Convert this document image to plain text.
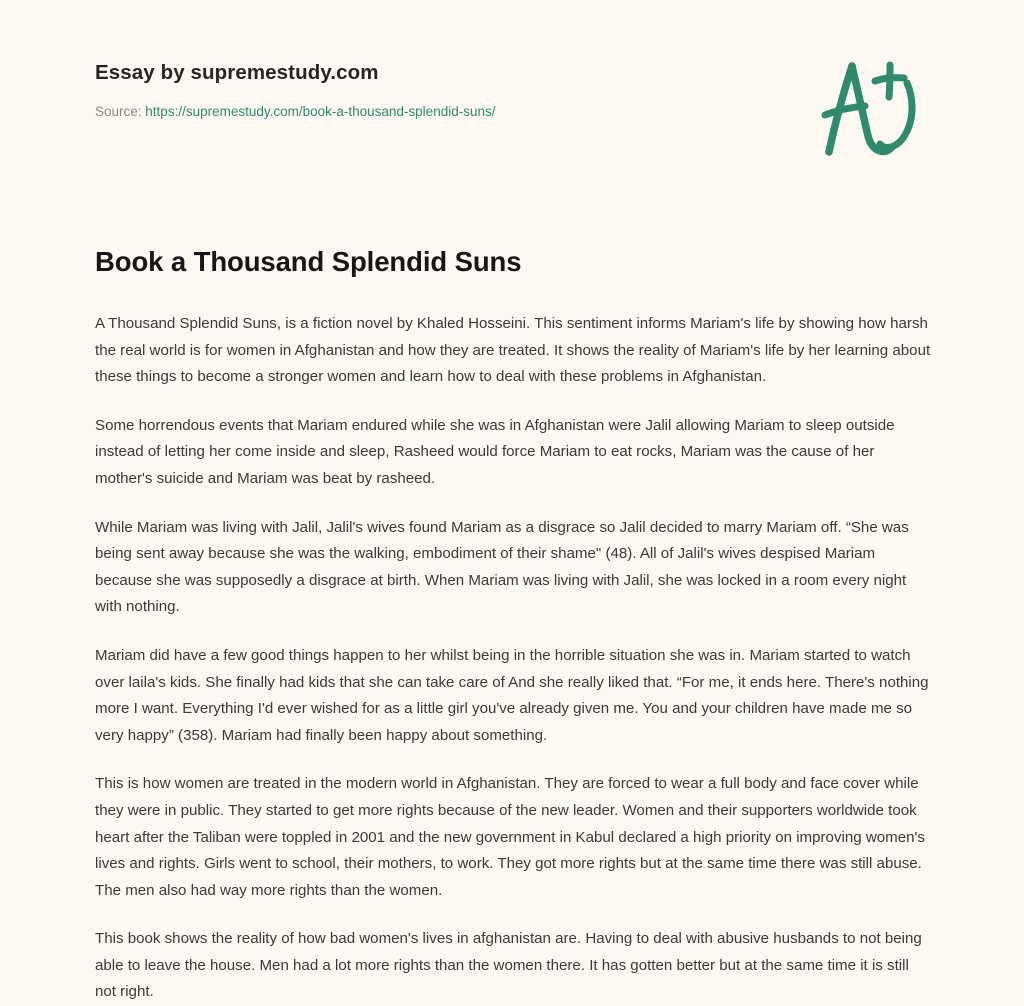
Essay by supremestudy.com
Source: https://supremestudy.com/book-a-thousand-splendid-suns/
Book a Thousand Splendid Suns

A Thousand Splendid Suns, is a fiction novel by Khaled Hosseini. This sentiment informs Mariam's life by showing how harsh the real world is for women in Afghanistan and how they are treated. It shows the reality of Mariam's life by her learning about these things to become a stronger women and learn how to deal with these problems in Afghanistan.

Some horrendous events that Mariam endured while she was in Afghanistan were Jalil allowing Mariam to sleep outside instead of letting her come inside and sleep, Rasheed would force Mariam to eat rocks, Mariam was the cause of her mother's suicide and Mariam was beat by rasheed.

While Mariam was living with Jalil, Jalil's wives found Mariam as a disgrace so Jalil decided to marry Mariam off. “She was being sent away because she was the walking, embodiment of their shame" (48). All of Jalil's wives despised Mariam because she was supposedly a disgrace at birth. When Mariam was living with Jalil, she was locked in a room every night with nothing.

Mariam did have a few good things happen to her whilst being in the horrible situation she was in. Mariam started to watch over laila's kids. She finally had kids that she can take care of And she really liked that. “For me, it ends here. There's nothing more I want. Everything I'd ever wished for as a little girl you've already given me. You and your children have made me so very happy” (358). Mariam had finally been happy about something.

This is how women are treated in the modern world in Afghanistan. They are forced to wear a full body and face cover while they were in public. They started to get more rights because of the new leader. Women and their supporters worldwide took heart after the Taliban were toppled in 2001 and the new government in Kabul declared a high priority on improving women's lives and rights. Girls went to school, their mothers, to work. They got more rights but at the same time there was still abuse. The men also had way more rights than the women.

This book shows the reality of how bad women's lives in afghanistan are. Having to deal with abusive husbands to not being able to leave the house. Men had a lot more rights than the women there. It has gotten better but at the same time it is still not right.
